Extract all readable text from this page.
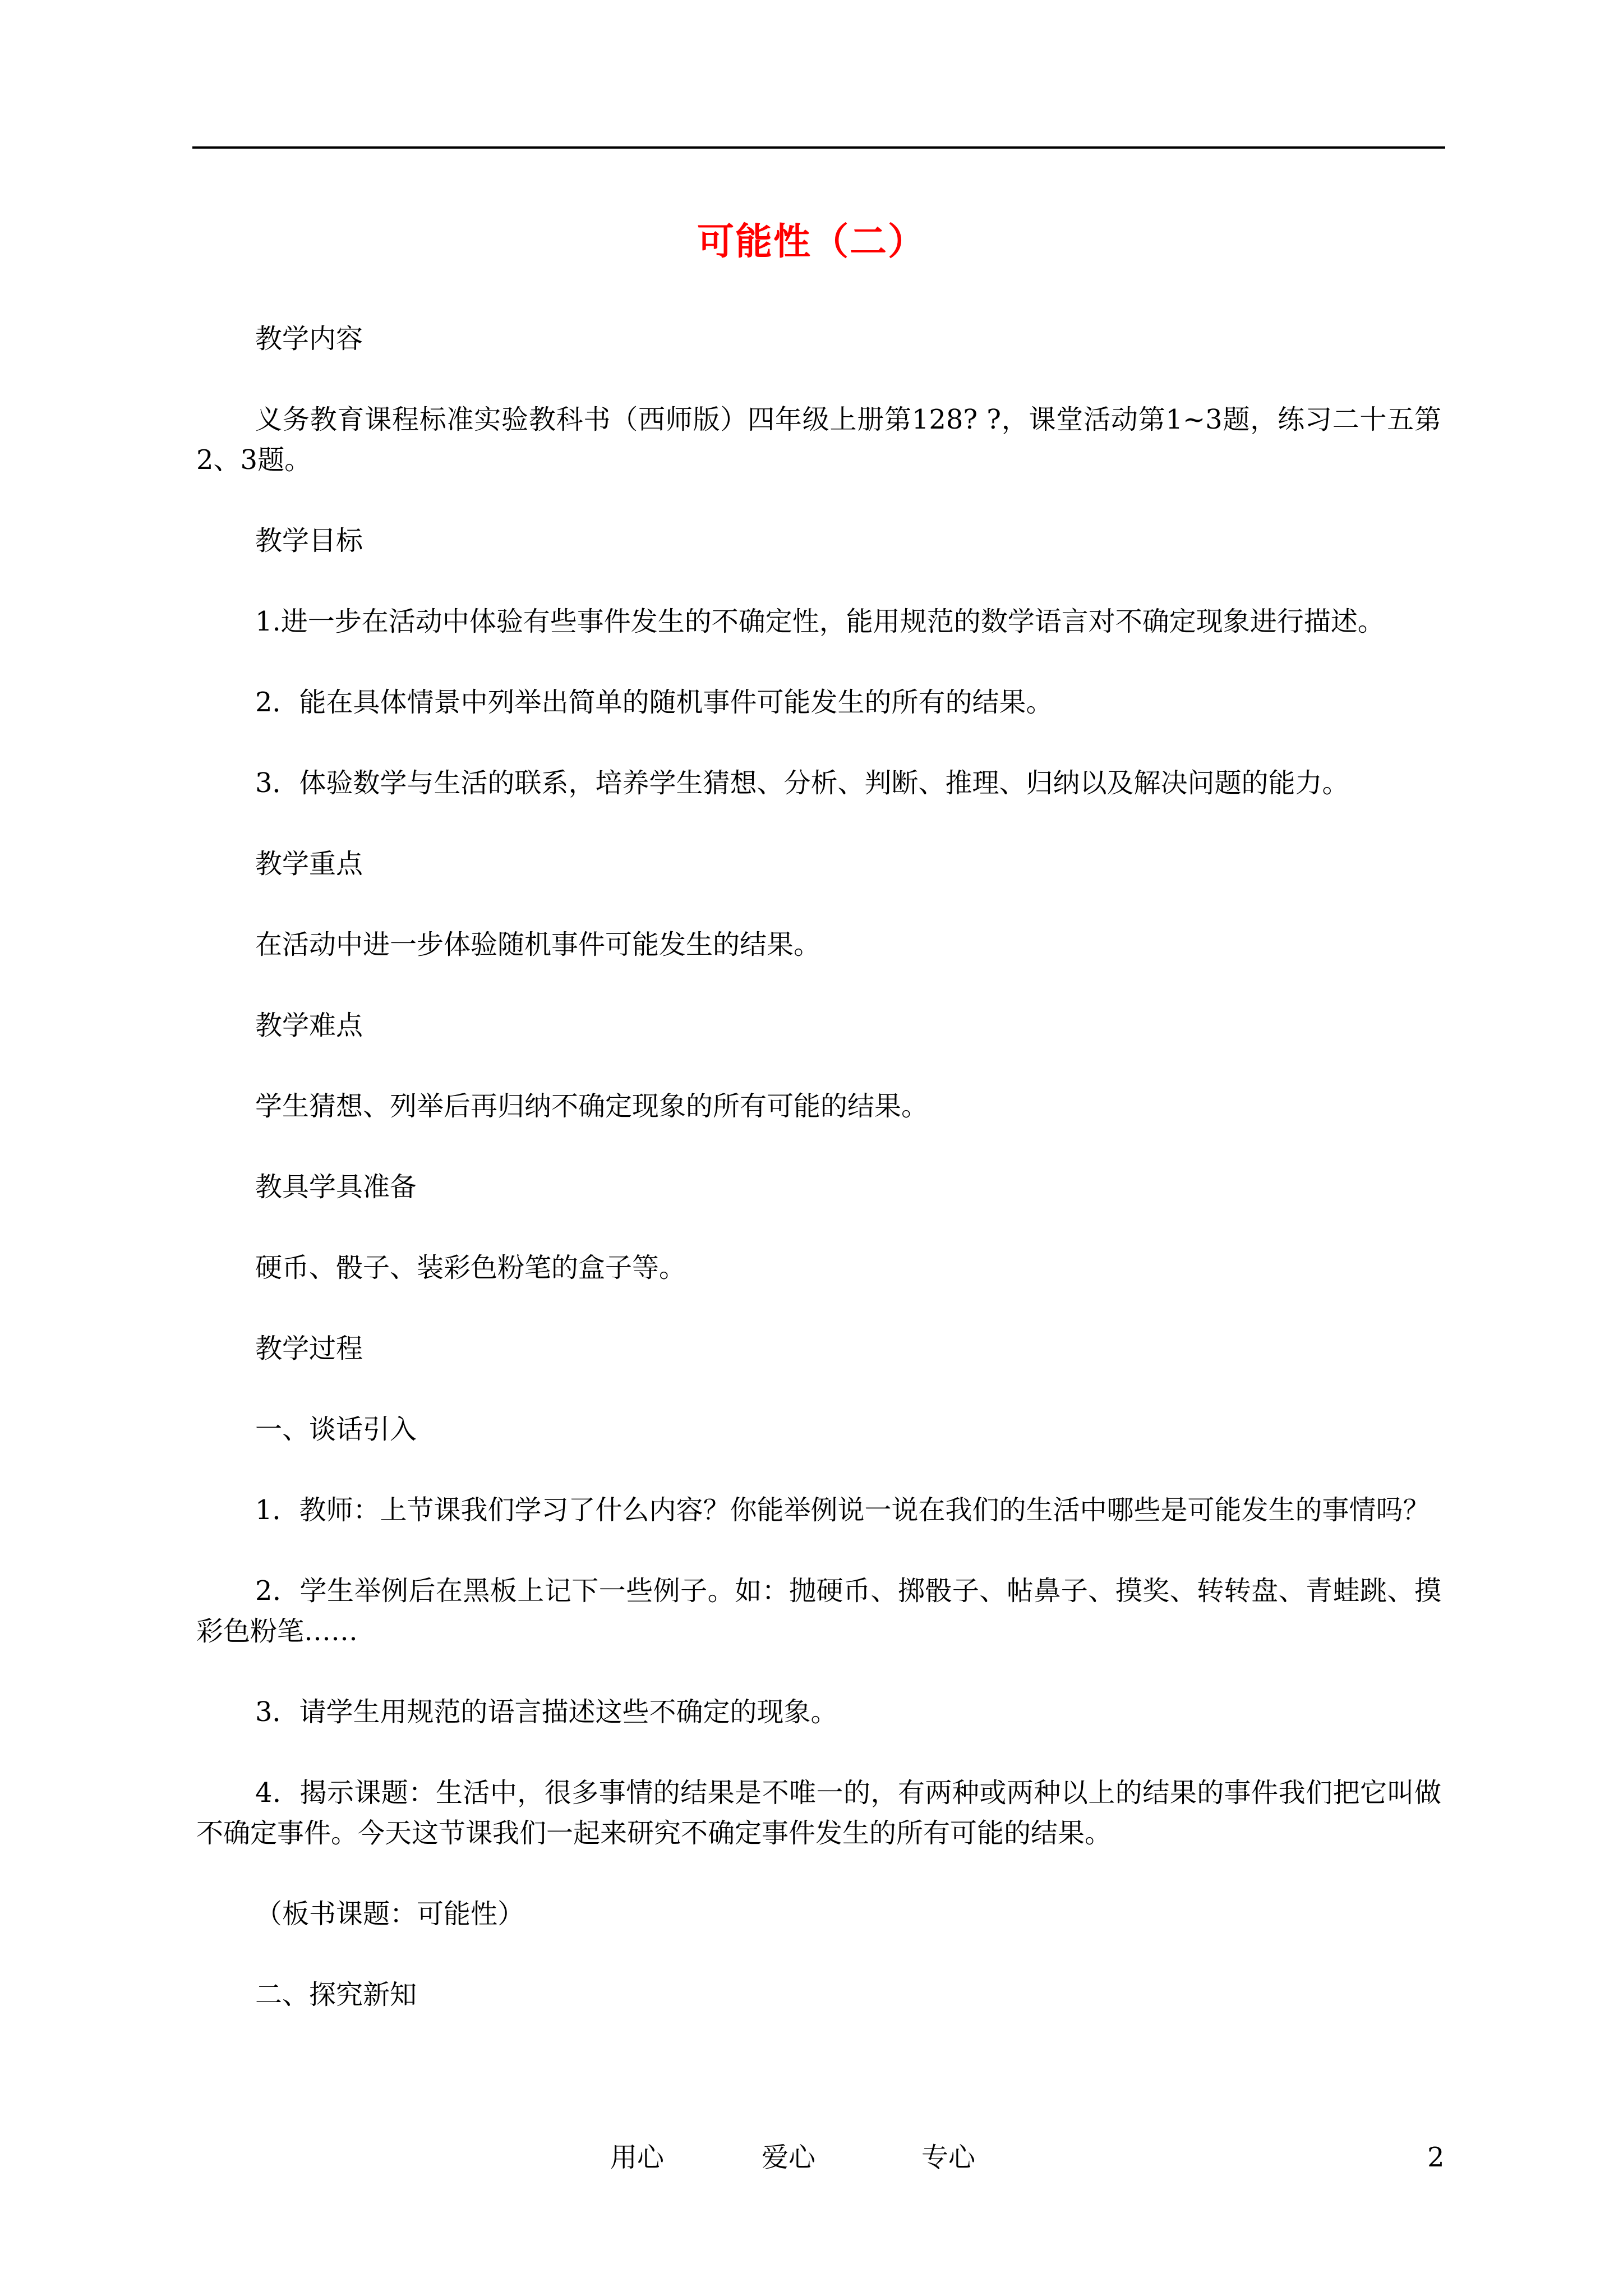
可能性（二）

教学内容

义务教育课程标准实验教科书（西师版）四年级上册第128? ?，课堂活动第1~3题，练习二十五第2、3题。

教学目标

1.进一步在活动中体验有些事件发生的不确定性，能用规范的数学语言对不确定现象进行描述。

2．能在具体情景中列举出简单的随机事件可能发生的所有的结果。

3．体验数学与生活的联系，培养学生猜想、分析、判断、推理、归纳以及解决问题的能力。

教学重点

在活动中进一步体验随机事件可能发生的结果。

教学难点

学生猜想、列举后再归纳不确定现象的所有可能的结果。

教具学具准备

硬币、骰子、装彩色粉笔的盒子等。

教学过程

一、谈话引入

1．教师：上节课我们学习了什么内容？你能举例说一说在我们的生活中哪些是可能发生的事情吗？

2．学生举例后在黑板上记下一些例子。如：抛硬币、掷骰子、帖鼻子、摸奖、转转盘、青蛙跳、摸彩色粉笔……

3．请学生用规范的语言描述这些不确定的现象。

4．揭示课题：生活中，很多事情的结果是不唯一的，有两种或两种以上的结果的事件我们把它叫做不确定事件。今天这节课我们一起来研究不确定事件发生的所有可能的结果。

（板书课题：可能性）

二、探究新知

用心	爱心	专心	2
